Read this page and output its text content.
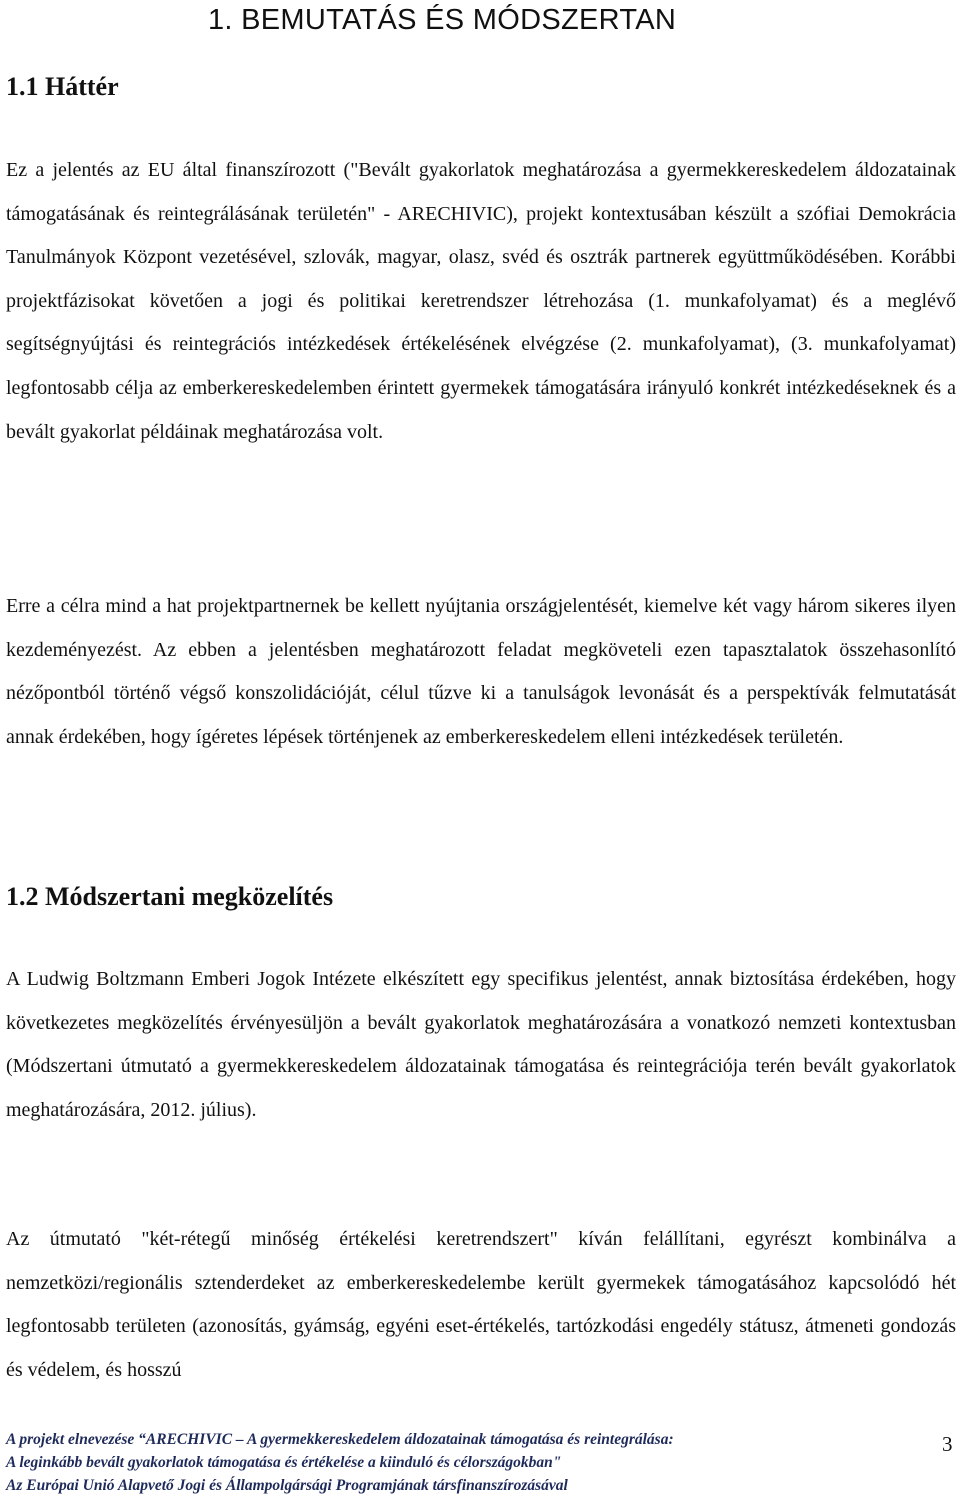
1. BEMUTATÁS ÉS MÓDSZERTAN
1.1 Háttér

Ez a jelentés az EU által finanszírozott ("Bevált gyakorlatok meghatározása a gyermekkereskedelem áldozatainak támogatásának és reintegrálásának területén" - ARECHIVIC), projekt kontextusában készült a szófiai Demokrácia Tanulmányok Központ vezetésével, szlovák, magyar, olasz, svéd és osztrák partnerek együttműködésében. Korábbi projektfázisokat követően a jogi és politikai keretrendszer létrehozása (1. munkafolyamat) és a meglévő segítségnyújtási és reintegrációs intézkedések értékelésének elvégzése (2. munkafolyamat), (3. munkafolyamat) legfontosabb célja az emberkereskedelemben érintett gyermekek támogatására irányuló konkrét intézkedéseknek és a bevált gyakorlat példáinak meghatározása volt.

Erre a célra mind a hat projektpartnernek be kellett nyújtania országjelentését, kiemelve két vagy három sikeres ilyen kezdeményezést. Az ebben a jelentésben meghatározott feladat megköveteli ezen tapasztalatok összehasonlító nézőpontból történő végső konszolidációját, célul tűzve ki a tanulságok levonását és a perspektívák felmutatását annak érdekében, hogy ígéretes lépések történjenek az emberkereskedelem elleni intézkedések területén.

1.2 Módszertani megközelítés

A Ludwig Boltzmann Emberi Jogok Intézete elkészített egy specifikus jelentést, annak biztosítása érdekében, hogy következetes megközelítés érvényesüljön a bevált gyakorlatok meghatározására a vonatkozó nemzeti kontextusban (Módszertani útmutató a gyermekkereskedelem áldozatainak támogatása és reintegrációja terén bevált gyakorlatok meghatározására, 2012. július).

Az útmutató "két-rétegű minőség értékelési keretrendszert" kíván felállítani, egyrészt kombinálva a nemzetközi/regionális sztenderdeket az emberkereskedelembe került gyermekek támogatásához kapcsolódó hét legfontosabb területen (azonosítás, gyámság, egyéni eset-értékelés, tartózkodási engedély státusz, átmeneti gondozás és védelem, és hosszú

A projekt elnevezése “ARECHIVIC – A gyermekkereskedelem áldozatainak támogatása és reintegrálása:
A leginkább bevált gyakorlatok támogatása és értékelése a kiinduló és célországokban"
Az Európai Unió Alapvető Jogi és Állampolgársági Programjának társfinanszírozásával
3
